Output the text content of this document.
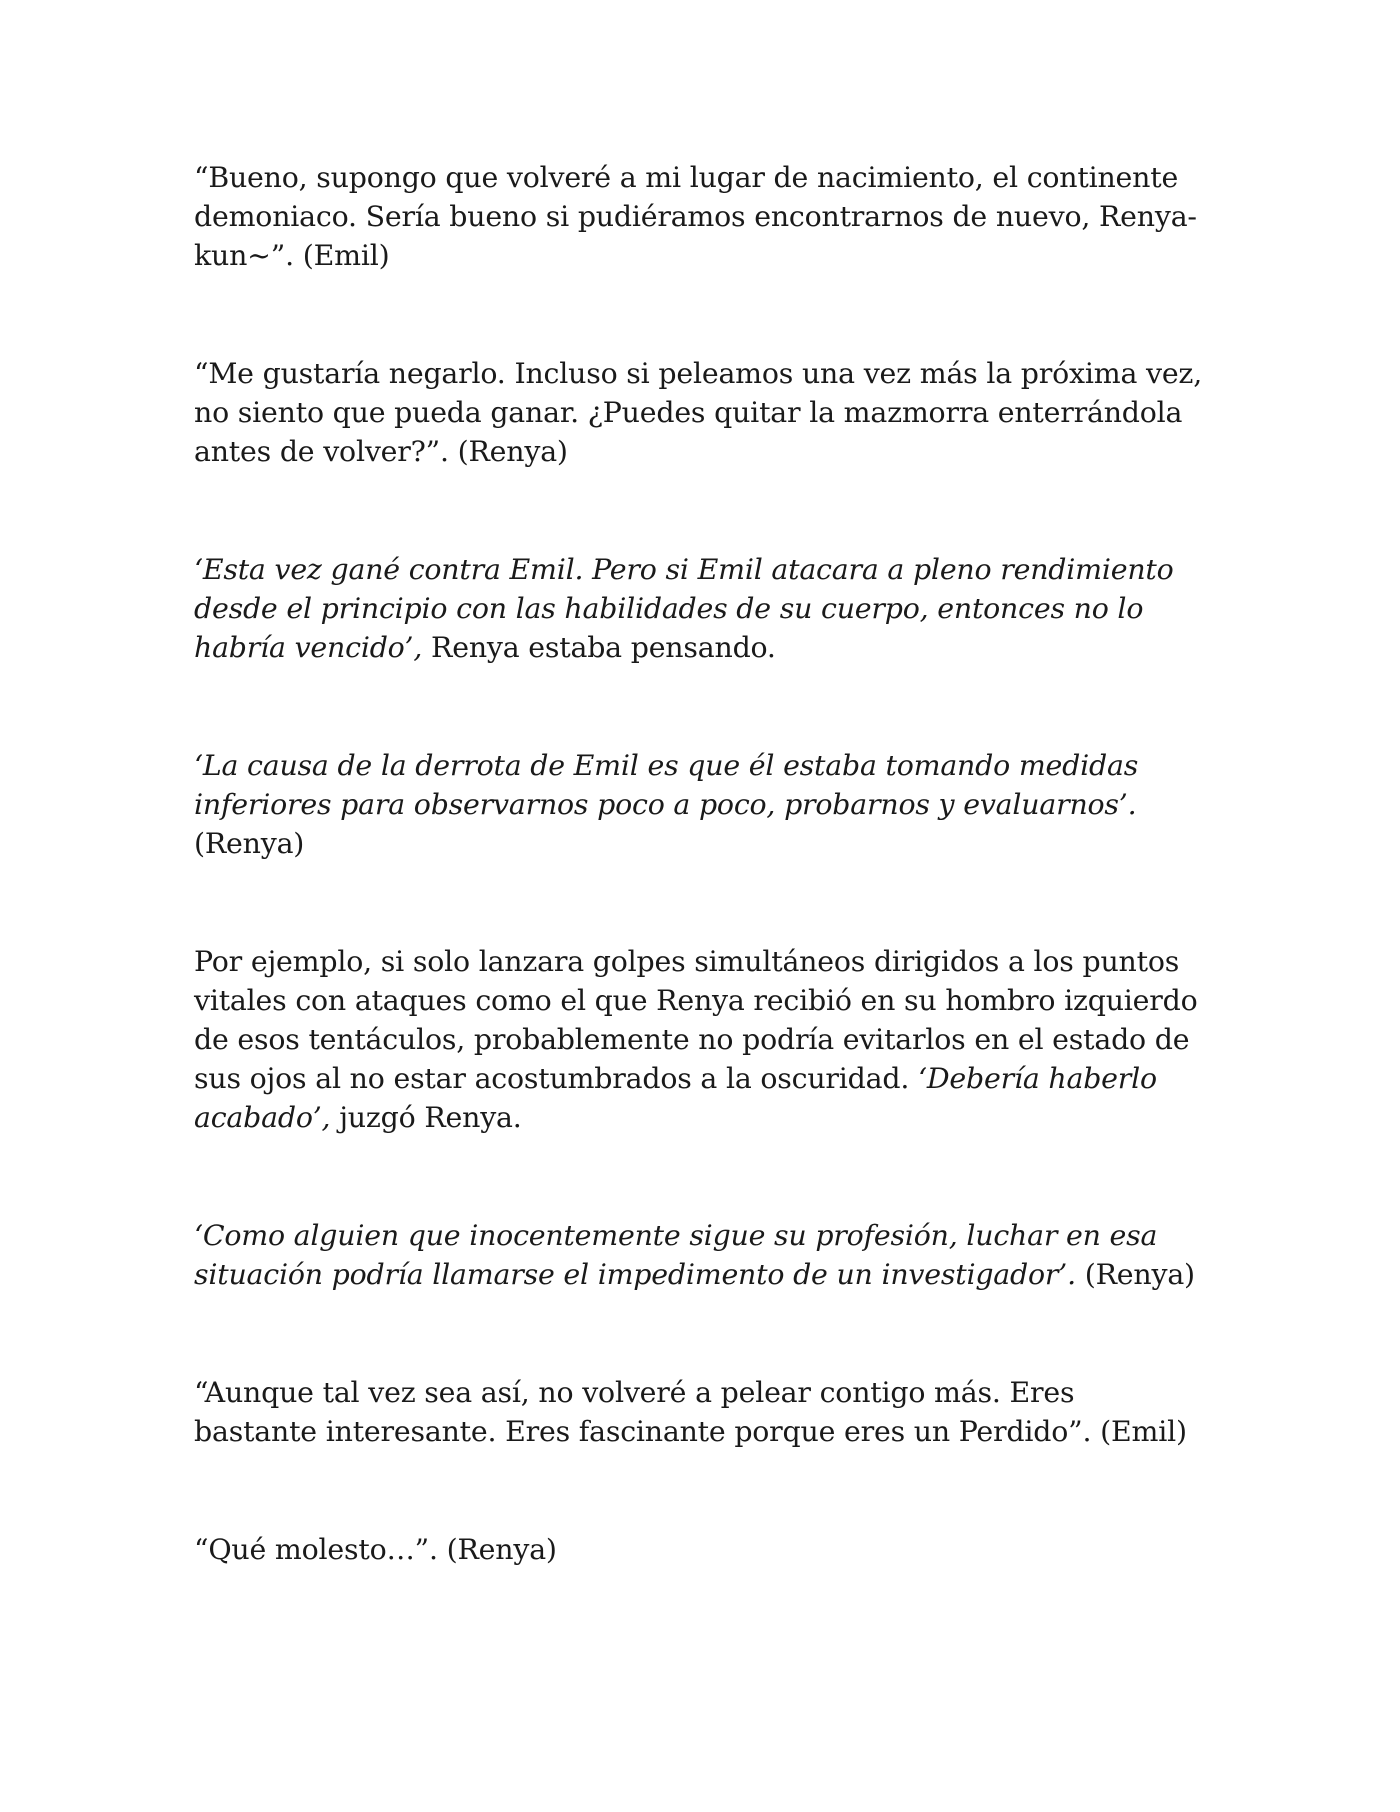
“Bueno, supongo que volveré a mi lugar de nacimiento, el continente demoniaco. Sería bueno si pudiéramos encontrarnos de nuevo, Renya-kun~”. (Emil)

“Me gustaría negarlo. Incluso si peleamos una vez más la próxima vez, no siento que pueda ganar. ¿Puedes quitar la mazmorra enterrándola antes de volver?”. (Renya)

‘Esta vez gané contra Emil. Pero si Emil atacara a pleno rendimiento desde el principio con las habilidades de su cuerpo, entonces no lo habría vencido’, Renya estaba pensando.

‘La causa de la derrota de Emil es que él estaba tomando medidas inferiores para observarnos poco a poco, probarnos y evaluarnos’. (Renya)

Por ejemplo, si solo lanzara golpes simultáneos dirigidos a los puntos vitales con ataques como el que Renya recibió en su hombro izquierdo de esos tentáculos, probablemente no podría evitarlos en el estado de sus ojos al no estar acostumbrados a la oscuridad. ‘Debería haberlo acabado’, juzgó Renya.

‘Como alguien que inocentemente sigue su profesión, luchar en esa situación podría llamarse el impedimento de un investigador’. (Renya)

“Aunque tal vez sea así, no volveré a pelear contigo más. Eres bastante interesante. Eres fascinante porque eres un Perdido”. (Emil)

“Qué molesto…”. (Renya)
